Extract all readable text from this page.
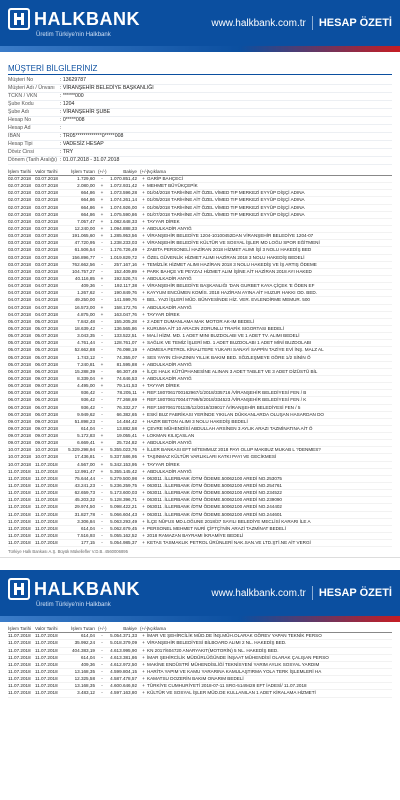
HALKBANK
Üretim Türkiye'nin Halkbank
www.halkbank.com.tr HESAP ÖZETİ
MÜŞTERİ BİLGİLERİNİZ
Müşteri No	: 13629787
Müşteri Adı / Ünvanı	: VİRANŞEHİR BELEDİYE BAŞKANLIĞI
TCKN / VKN	: ******000
Şube Kodu	: 1204
Şube Adı	: VİRANŞEHİR ŞUBE
Hesap No	: 0*****008
Hesap Ad	:
IBAN	: TR05*************0*****008
Hesap Tipi	: VADESİZ HESAP
Döviz Cinsi	: TRY
Dönem (Tarih Aralığı) : 01.07.2018 - 31.07.2018
İşlem Tarihi Valör Tarihi	İşlem Tutarı (+/-)	Bakiye (+/-)
Açıklama
02.07.2018 03.07.2018	1.729,60	-	1.070.851,42	+ GARİP BAHÇECİ
02.07.2018 03.07.2018	2.080,00	+	1.072.931,42	+ MEHMET BÜYÜKÇEPİK
02.07.2018 03.07.2018	664,86	+	1.073.596,28	+ 01/04/2018 TARİHİNE AİT ÖZEL VİMED TIP MERKEZİ EYYÜP DİŞÇİ ADINA
02.07.2018 03.07.2018	664,86	+	1.074.261,14	+ 01/05/2018 TARİHİNE AİT ÖZEL VİMED TIP MERKEZİ EYYÜP DİŞÇİ ADINA
02.07.2018 03.07.2018	664,86	+	1.074.926,00	+ 01/06/2018 TARİHİNE AİT ÖZEL VİMED TIP MERKEZİ EYYÜP DİŞÇİ ADINA
02.07.2018 03.07.2018	664,86	+	1.075.590,86	+ 01/07/2018 TARİHİNE AİT ÖZEL VİMED TIP MERKEZİ EYYÜP DİŞÇİ ADINA
02.07.2018 03.07.2018	7.057,47	+	1.082.648,33	+ TAYYAR DİREK
02.07.2018 03.07.2018	12.240,00	+	1.094.888,33	+ ABDULKADİR ANYIĞ
03.07.2018 03.07.2018	191.065,60	+	1.285.953,56	+ VİRANŞEHİR BELEDİYE 1204-10100452DAN VİRANŞEHİR BELEDİYE 1204-07
03.07.2018 03.07.2018	47.720,95	-	1.238.233,03	+ VİRANŞEHİR BELEDİYE KÜLTÜR VE SOSYAL İŞLER MD LOĞU SPOR EĞİTMENİ
03.07.2018 03.07.2018	61.506,54	-	1.176.726,49	+ ZABITA PERSONELİ HAZİRAN 2018 HİZMET ALIMI İŞİ 3 NOLU HAKEDİŞ BED
03.07.2018 03.07.2018	156.896,77	-	1.019.829,72	+ ÖZEL GÜVENLİK HİZMET ALIMI HAZİRAN 2018 3 NOLU HAKEDİŞ BEDELİ
03.07.2018 03.07.2018	762.662,56	-	257.167,16	+ TEMİZLİK HİZMET ALIMI HAZİRAN 2018 3 NOLU HAKEDİŞ VE İŞ ARTIŞ ÖDEME
03.07.2018 03.07.2018	104.757,27	-	152.409,89	+ PARK BAHÇE VE PEYZAJ HİZMET ALIM İŞİNE AİT HAZİRAN 2018 AYI HAKED
03.07.2018 03.07.2018	40.116,85	+	192.526,74	+ ABDULKADİR ANYIĞ
04.07.2018 04.07.2018	409,36	-	192.117,38	+ VİRANŞEHİR BELEDİYE BAŞKANLIĞI 'DAN GURBET KAYA ÇİÇEK 'E ÖDEN EF
04.07.2018 04.07.2018	1.267,62	-	190.849,76	+ KAYYUM ENCÜMEN KOMİS. 2018 HAZİRAN AYINA AİT HUZUR HAKKI OD. BED.
04.07.2018 04.07.2018	49.250,00	-	141.599,76	+ BEL. YAZI İŞLERİ MÜD. BÜNYESİNDE HİZ. VER. EVLENDİRME MEMUR. 500
04.07.2018 04.07.2018	16.573,00	+	158.172,76	+ ABDULKADİR ANYIĞ
04.07.2018 04.07.2018	4.875,00	+	163.047,76	+ TAYYAR DİREK
05.07.2018 05.07.2018	7.842,48	-	155.205,28	+ 2 ADET DUMANLAMA MAK MOTOR AK-IM BEDELİ
05.07.2018 05.07.2018	18.639,42	-	136.565,86	+ KURUMA AİT 10 ARACIN ZORUNLU TRAFİK SIGORTASI BEDELİ
05.07.2018 05.07.2018	3.043,35	-	133.522,51	+ MALİ HİZM. MD. 1 ADET MINI BUZDOLABI VE 1 ADET TV. ALIMI BEDELİ
05.07.2018 05.07.2018	4.761,44	-	128.761,07	+ SAĞLIK VE TEMİZ İŞLERİ MD. 1 ADET BUZDOLABI 1 ADET MİNİ BUZDOLABI
05.07.2018 05.07.2018	52.662,88	-	76.098,19	+ ADMESA PETROL KİNALITEPE YUKARI SANAYİ SAPPİN TAZİYE EVİ İNŞ. MALZ AL
05.07.2018 05.07.2018	1.743,12	-	74.355,07	+ SES YAYIN CİHAZININ YILLIK BAKIM BED. SÖZLEŞMEYE GÖRE 1/2 SİNİN Ö
05.07.2018 06.07.2018	7.240,81	+	81.595,88	+ ABDULKADİR ANYIĞ
06.07.2018 06.07.2018	15.288,39	-	66.307,49	+ İLÇE HALK KÜTÜPHANESİNE ALINAN 3 ADET TABLET VE 3 ADET DİZÜSTÜ BİL
06.07.2018 09.07.2018	8.339,04	+	74.646,53	+ ABDULKADİR ANYIĞ
06.07.2018 09.07.2018	4.495,00	+	79.141,53	+ TAYYAR DİREK
06.07.2018 06.07.2018	936,42	-	78.205,11	+ REF:1807061700162967/1/2018/335716 /VİRANŞEHİR BELEDİYESİ FEN / B
06.07.2018 06.07.2018	936,42	-	77.268,69	+ REF:1807061700447799/5/2018/334523 /VİRANŞEHİR BELEDİYESİ FEN / K
06.07.2018 06.07.2018	936,42	-	76.332,27	+ REF:1807061701135/12/2018/339017 /VİRANŞEHİR BELEDİYESİ FEN / 5
06.07.2018 06.07.2018	9.949,62	-	66.382,65	+ ESKİ BUZ FABRİKASI YERİNDE YIKILAN DÜKKANLARDA OLUŞAN HASARDAN DO
09.07.2018 09.07.2018	51.898,23	-	14.484,42	+ HAZIR BETON ALIMI 3 NOLU HAKEDİŞ BEDELİ
09.07.2018 09.07.2018	614,04	-	13.882,58	+ ÇEVRE MÜHENDİSİ ABDULLAH ARSİNEN 3 AYLIK ARAZI TAZMİNATINA AİT Ö
09.07.2018 09.07.2018	5.172,83	+	19.055,41	+ LOKMAN KILIÇASLAN
09.07.2018 09.07.2018	6.669,41	+	25.724,82	+ ABDULKADİR ANYIĞ
10.07.2018 10.07.2018	5.329.298,94	+	5.355.023,76	+ İLLER BANKASI EFT M/TEMMUZ 2018 PAYI OLUP MAKBUZ MUKAB L ?DENMES?
10.07.2018 10.07.2018	17.436,81	-	5.337.586,95	+ TAŞINMAZ KÜLTÜR VARLIKLARI KATKI PAYI VE GECİKMESİ
10.07.2018 11.07.2018	4.567,00	+	5.342.153,95	+ TAYYAR DİREK
11.07.2018 11.07.2018	12.991,47	+	5.355.145,42	+ ABDULKADİR ANYIĞ
11.07.2018 11.07.2018	75.644,44	-	5.279.500,98	+ 063011 .İLLERBANK /DTM ÖDEME.50062100 AREDİ NO.253075
11.07.2018 11.07.2018	43.241,23	-	5.236.259,75	+ 063011 .İLLERBANK /DTM ÖDEME.50062100 AREDİ NO.254761
11.07.2018 11.07.2018	62.659,73	-	5.173.600,03	+ 063011 .İLLERBANK /DTM ÖDEME.50062100 AREDİ NO.234522
11.07.2018 11.07.2018	45.203,32	-	5.128.396,71	+ 063011 .İLLERBANK /DTM ÖDEME.50062100 AREDİ NO.239090
11.07.2018 11.07.2018	29.974,50	-	5.098.422,21	+ 063011 .İLLERBANK /DTM ÖDEME.50062100 AREDİ NO.244402
11.07.2018 11.07.2018	31.827,78	-	5.066.604,43	+ 063011 .İLLERBANK /DTM ÖDEME.50062100 AREDİ NO.244601
11.07.2018 11.07.2018	3.306,84	-	5.063.293,49	+ İLÇE NÜFUS MD.LOĞUNE 2018/37 SAYILI BELEDİYE MECLİSİ KARARI İLE A
11.07.2018 11.07.2018	614,04	-	5.062.679,45	+ PERSONEL MEHMET NURİ ÇİFTÇİ'NİN ARAZİ TAZMİNAT BEDELİ
11.07.2018 11.07.2018	7.516,93	-	5.055.162,52	+ 2018 RAMAZAN BAYRAMI İKRAMİYE BEDELİ
11.07.2018 11.07.2018	177,15	-	5.054.985,37	+ KETAS TASMAKLIK PETROL ÜRÜNLERİ NAK.SAN.VE LTD.ŞTİ.NE AİT VERGİ
Türkiye Halk Bankası A.Ş. Büyük Mükellefler V.D.B. 4560006895
HALKBANK
Üretim Türkiye'nin Halkbank
www.halkbank.com.tr HESAP ÖZETİ
İşlem Tarihi Valör Tarihi	İşlem Tutarı (+/-)	Bakiye (+/-)
Açıklama
11.07.2018 11.07.2018	614,04	-	5.054.371,33	+ İMAR VE ŞEHİRCİLİK MÜD.DE İNŞ.MÜH.OLARAK GÖREV YAPAN TEKNİK PERSO
11.07.2018 11.07.2018	35.992,24	-	5.018.379,09	+ VİRANŞEHİR BELEDİYESİ BİLBOARD ALIMI 2 NL. HAKEDİŞ BED.
11.07.2018 11.07.2018	404.383,19	-	4.613.995,90	+ KN 2017/604720 ANARYAKIT(MOTORİN) 5 NL. HAKEDİŞ BED.
11.07.2018 11.07.2018	614,04	-	4.613.381,86	+ İMAR ŞEHİRCİLİK MÜDÜRLÜĞÜNDE İNŞAAT MÜHENDİSİ OLARAK ÇALIŞAN PERSO
11.07.2018 11.07.2018	409,36	-	4.612.972,50	+ MAKİNE ENDÜSTRİ MÜHENDİSLİĞİ TEKNİSYENİ YARIM AYLIK SOSYAL YARDIM
11.07.2018 11.07.2018	13.168,35	-	4.599.804,15	+ HARİTA YAPIM VE KAMU YARARINA KAMULAŞTIRMA YOLA TERK İŞLEMLERİ HA
11.07.2018 11.07.2018	12.325,58	-	4.587.478,57	+ KAMATSU DOZERİN BAKIM ONARIM BEDELİ
11.07.2018 11.07.2018	13.168,35	-	4.600.646,92	+ TÜRKİYE CUMHURİYETİ 2018-07-11 SRG-5149428 EFT İADESİ/ 11.07.2018
11.07.2018 11.07.2018	3.483,12	-	4.597.163,80	+ KÜLTÜR VE SOSYAL İŞLER MÜD.DE KULLANILAN 1 ADET KİRALAMA HİZMETİ
